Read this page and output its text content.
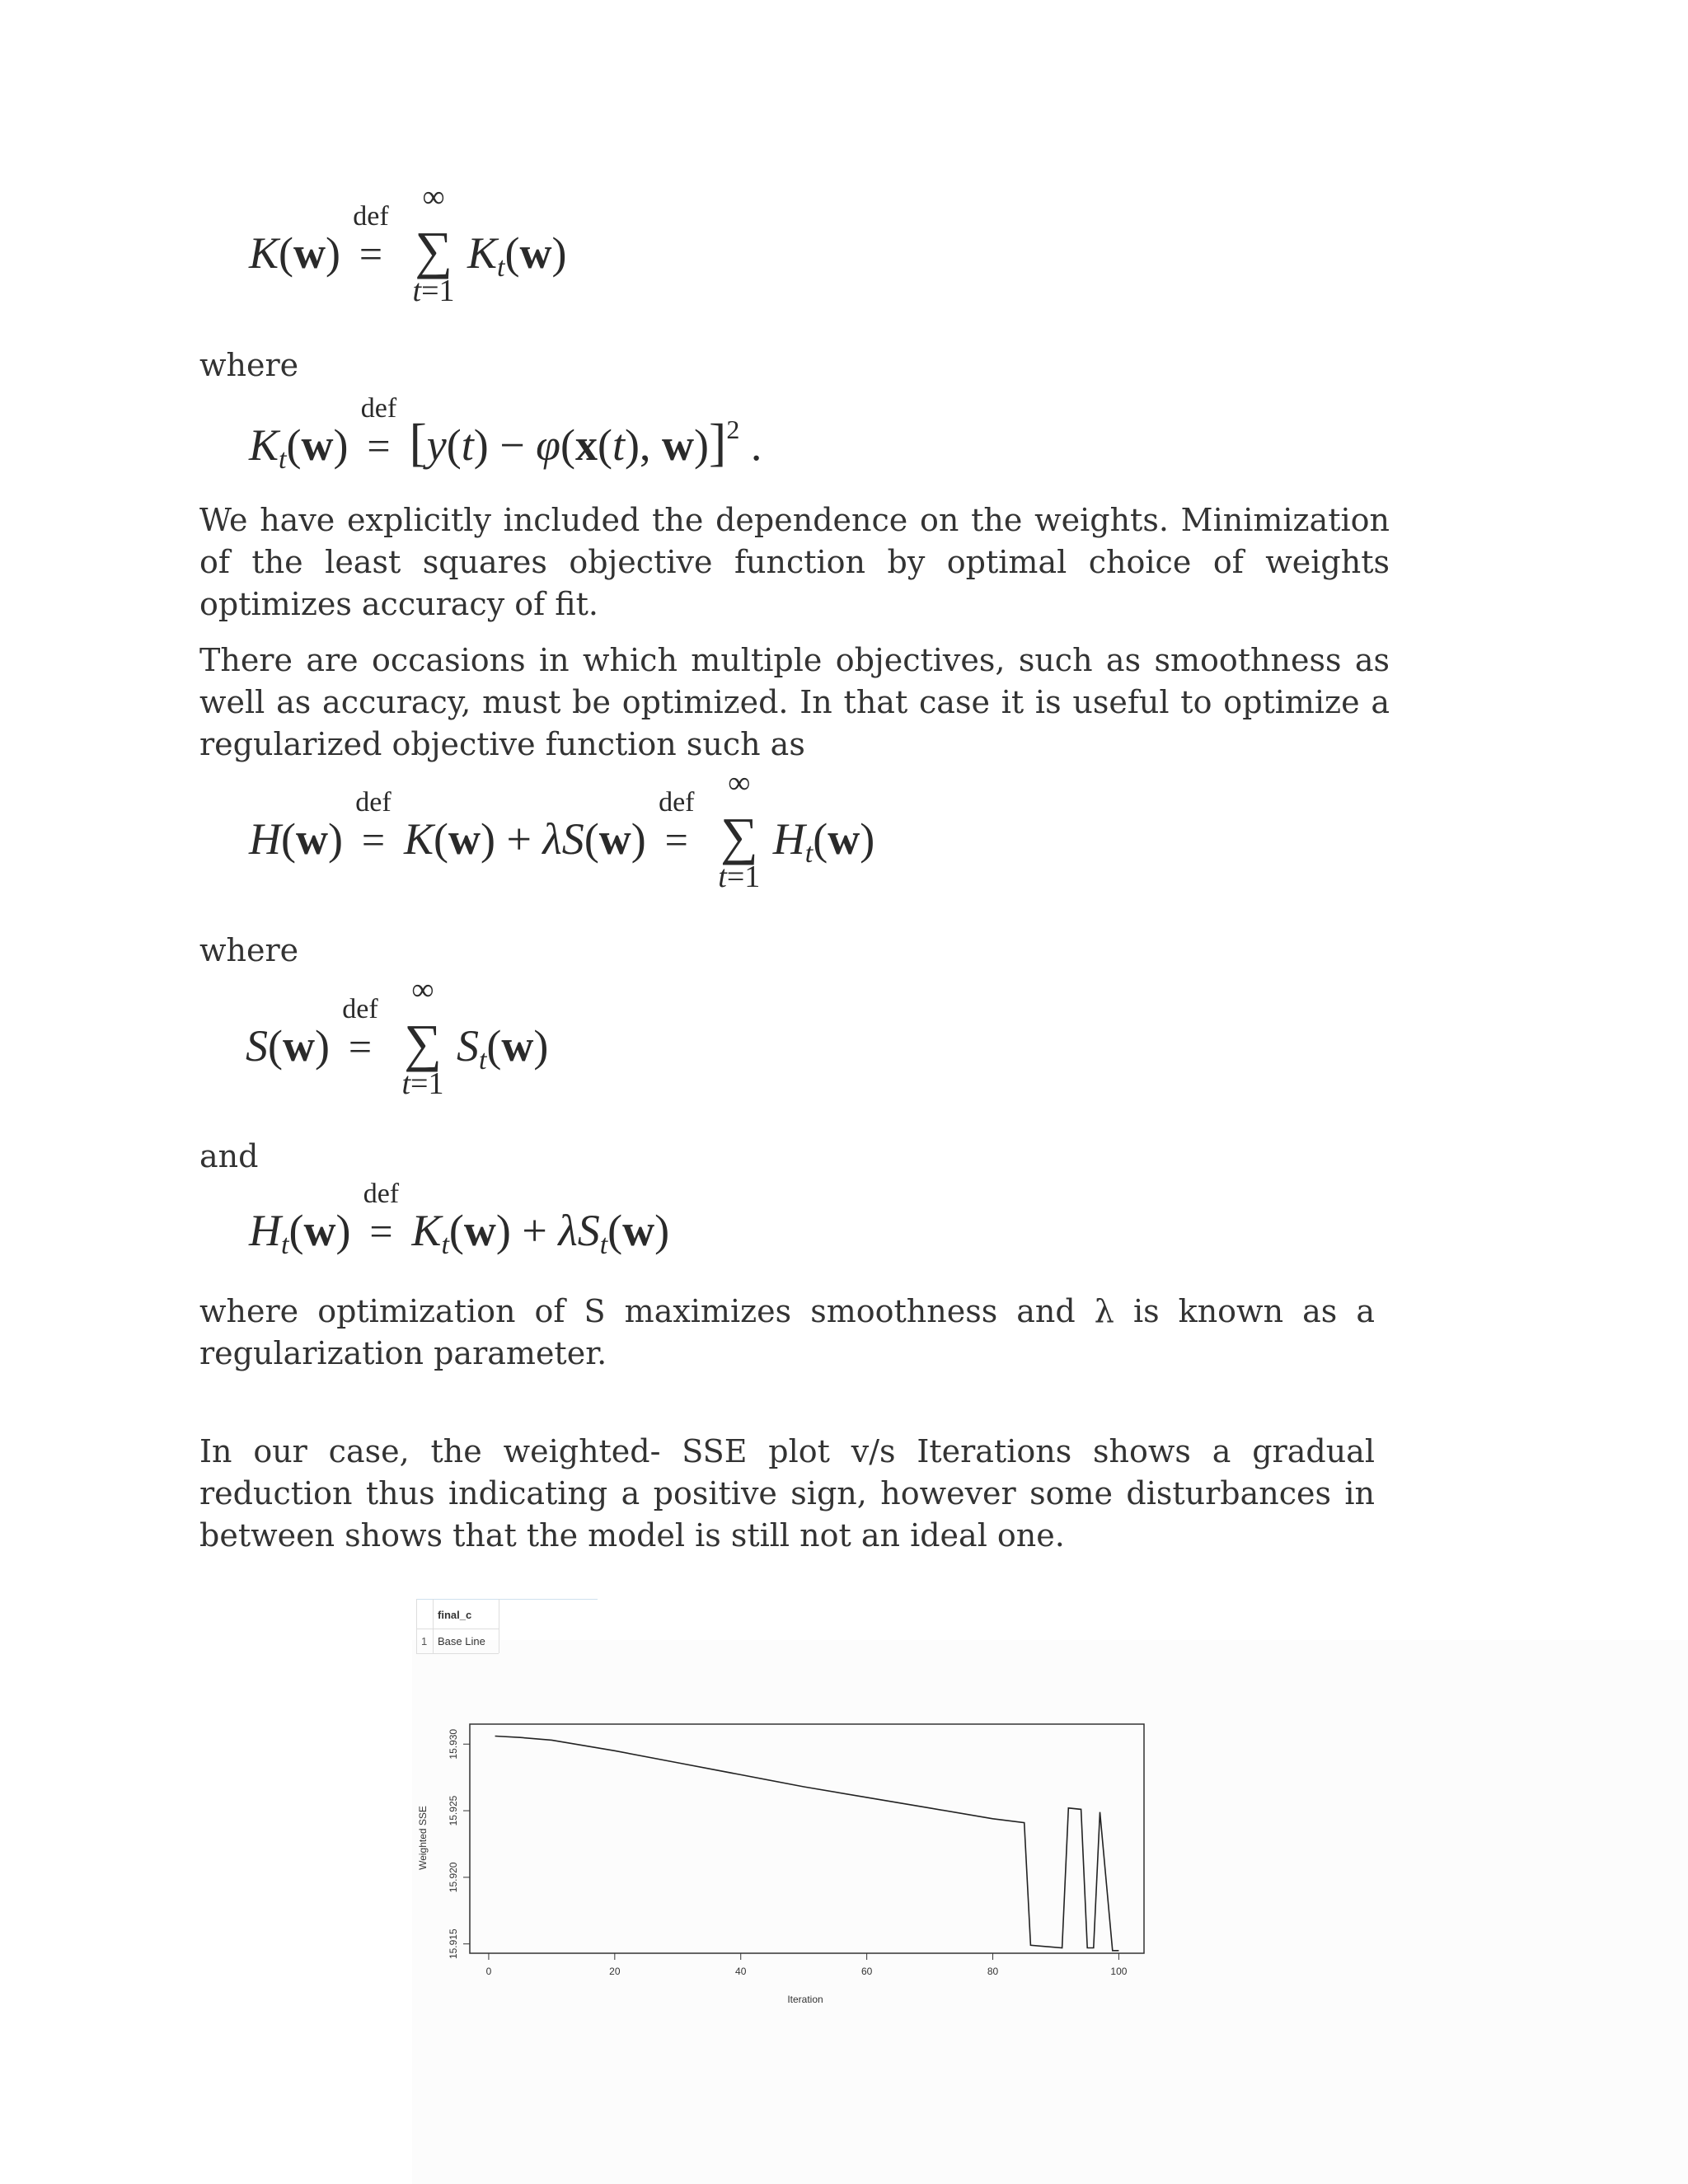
K(w)
def
=
∞
∑
t=1
Kt(w)
where
Kt(w)
def
= [y(t) − φ(x(t), w)]$^2$ .
We have explicitly included the dependence on the weights. Minimization of the least squares objective function by optimal choice of weights optimizes accuracy of fit.
There are occasions in which multiple objectives, such as smoothness as well as accuracy, must be optimized. In that case it is useful to optimize a regularized objective function such as
H(w)
def
= K(w) + λS(w)
def
=
∞
∑
t=1
Ht(w)
where
S(w)
def
=
∞
∑
t=1
St(w)
and
Ht(w)
def
= Kt(w) + λSt(w)
where optimization of S maximizes smoothness and λ is known as a regularization parameter.
In our case, the weighted- SSE plot v/s Iterations shows a gradual reduction thus indicating a positive sign, however some disturbances in between shows that the model is still not an ideal one.
final_c
1 Base Line
15.915
15.920
15.925
15.930
0	20	40	60	80	100
Iteration
Weighted SSE
